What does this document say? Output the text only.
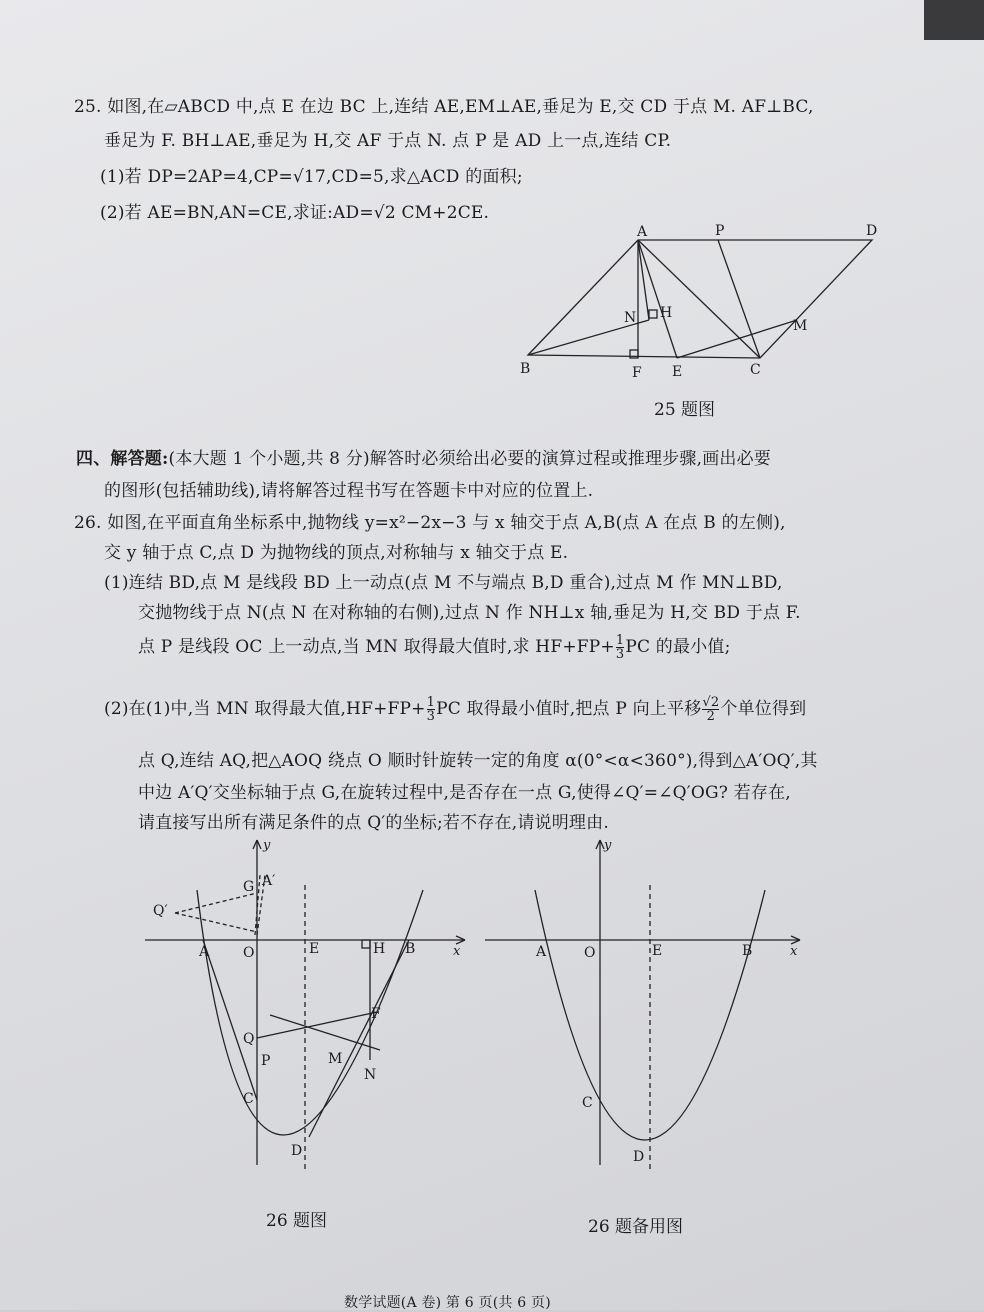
25. 如图,在▱ABCD 中,点 E 在边 BC 上,连结 AE,EM⊥AE,垂足为 E,交 CD 于点 M. AF⊥BC,
垂足为 F. BH⊥AE,垂足为 H,交 AF 于点 N. 点 P 是 AD 上一点,连结 CP.
(1)若 DP=2AP=4,CP=√17,CD=5,求△ACD 的面积;
(2)若 AE=BN,AN=CE,求证:AD=√2 CM+2CE.
A	P	D
N H
M
B	F E	C
25 题图
四、解答题:(本大题 1 个小题,共 8 分)解答时必须给出必要的演算过程或推理步骤,画出必要
的图形(包括辅助线),请将解答过程书写在答题卡中对应的位置上.
26. 如图,在平面直角坐标系中,抛物线 y=x²−2x−3 与 x 轴交于点 A,B(点 A 在点 B 的左侧),
交 y 轴于点 C,点 D 为抛物线的顶点,对称轴与 x 轴交于点 E.
(1)连结 BD,点 M 是线段 BD 上一动点(点 M 不与端点 B,D 重合),过点 M 作 MN⊥BD,
交抛物线于点 N(点 N 在对称轴的右侧),过点 N 作 NH⊥x 轴,垂足为 H,交 BD 于点 F.
点 P 是线段 OC 上一动点,当 MN 取得最大值时,求 $HF+FP+ \frac{1}{3}$ PC 的最小值;
(2)在(1)中,当 MN 取得最大值$,HF+FP+ \frac{1}{3}$ PC 取得最小值时,把点 P 向上平移 $\frac{√2}{2}$ 个单位得到
点 Q,连结 AQ,把△AOQ 绕点 O 顺时针旋转一定的角度 α(0°<α<360°),得到△A′OQ′,其
中边 A′Q′交坐标轴于点 G,在旋转过程中,是否存在一点 G,使得∠Q′=∠Q′OG? 若存在,
请直接写出所有满足条件的点 Q′的坐标;若不存在,请说明理由.
y
x
A O	E	H B
G A′
Q′
Q
P
F
M
N
C
D
26 题图
y
x
A	O	E	B
C
D
26 题备用图
数学试题(A 卷) 第 6 页(共 6 页)
